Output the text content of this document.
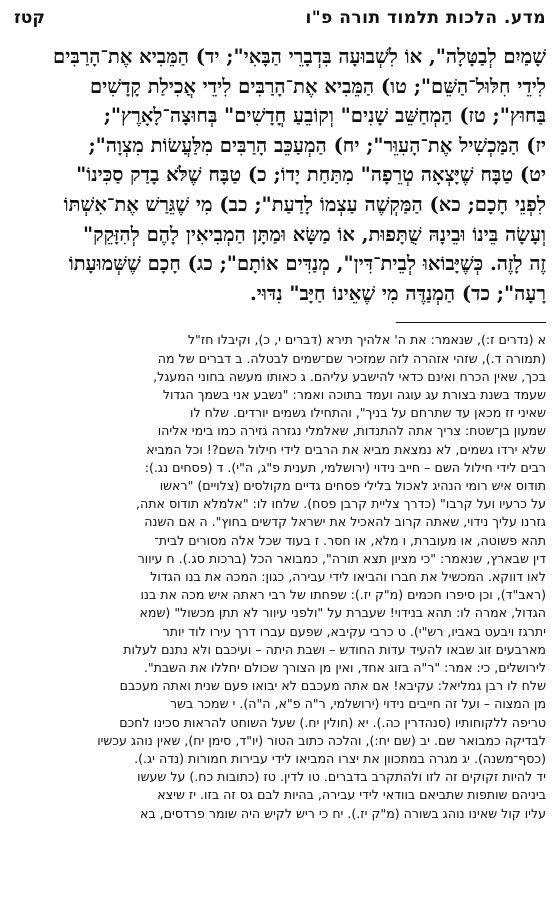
מדע. הלכות תלמוד תורה פ"ו
קטז
שָׁמַיִם לְבַטָּלָה", אוֹ לִשְׁבוּעָה בִּדְבָרֵי הַבָּאִי"; יד) הַמֵּבִיא אֶת־הָרַבִּים
לִידֵי חִלּוּל־הַשֵּׁם"; טו) הַמֵּבִיא אֶת־הָרַבִּים לִידֵי אֲכִילַת קָדָשִׁים
בַּחוּץ"; טז) הַמְחַשֵּׁב שָׁנִים" וְקוֹבֵעַ חֳדָשִׁים" בְּחוּצָה־לָאָרֶץ";
יז) הַמַּכְשִׁיל אֶת־הָעִוֵּר"; יח) הַמְעַכֵּב הָרַבִּים מִלַּעֲשׂוֹת מִצְוָה";
יט) טַבָּח שֶׁיָּצְאָה טְרֵפָה" מִתַּחַת יָדוֹ; כ) טַבָּח שֶׁלֹּא בָדַק סַכִּינוֹ"
לִפְנֵי חָכָם; כא) הַמַּקְשֶׁה עַצְמוֹ לָדַעַת"; כב) מִי שֶׁגֵּרַשׁ אֶת־אִשְׁתּוֹ
וְעָשָׂה בֵּינוֹ וּבֵינָהּ שֻׁתָּפוּת, אוֹ מַשָּׂא וּמַתָּן הַמְבִיאִין לָהֶם לְהִזָּקֵק"
זֶה לָזֶה. כְּשֶׁיָּבוֹאוּ לְבֵית־דִּין", מְנַדִּים אוֹתָם"; כג) חָכָם שֶׁשְּׁמוּעָתוֹ
רָעָה"; כד) הַמְנַדֶּה מִי שֶׁאֵינוֹ חַיָּב" נִדּוּי.
א (נדרים ז:), שנאמר: את ה' אלהיך תירא (דברים י, כ), וקיבלו חז"ל
(תמורה ד.), שזהי אזהרה לזה שמזכיר שם־שמים לבטלה. ב דברים של מה
בכך, שאין הכרח ואינם כדאי להישבע עליהם. ג כאותו מעשה בחוני המעגל,
שעמד בשנת בצורת עג עוגה ועמד בתוכה ואמר: "נשבע אני בשמך הגדול
שאיני זז מכאן עד שתרחם על בניך", והתחילו גשמים יורדים. שלח לו
שמעון בן־שטח: צריך אתה להתנדות, שאלמלי נגזרה גזירה כמו בימי אליהו
שלא ירדו גשמים, לא נמצאת מביא את הרבים לידי חילול השם?! וכל המביא
רבים לידי חילול השם – חייב נידוי (ירושלמי, תענית פ"ג, ה"י). ד (פסחים נג.):
תודוס איש רומי הנהיג לאכול בלילי פסחים גדיים מקולסים (צלויים) "ראשו
על כרעיו ועל קרבו" (כדרך צליית קרבן פסח). שלחו לו: "אלמלא תודוס אתה,
גזרנו עליך נידוי, שאתה קרוב להאכיל את ישראל קדשים בחוץ". ה אם השנה
תהא פשוטה, או מעוברת, ו מלא, או חסר. ז בעוד שכל אלה מסורים לבית־
דין שבארץ, שנאמר: "כי מציון תצא תורה", כמבואר הכל (ברכות סג.). ח עיוור
לאו דווקא. המכשיל את חברו והביאו לידי עבירה, כגון: המכה את בנו הגדול
(ראב"ד), וכן סיפרו חכמים (מ"ק יז.): שפחתו של רבי ראתה איש מכה את בנו
הגדול, אמרה לו: תהא בנידוי! שעברת על "ולפני עיוור לא תתן מכשול" (שמא
יתרגז ויבעט באביו, רש"י). ט כרבי עקיבא, שפעם עברו דרך עירו לוד יותר
מארבעים זוג שבאו להעיד עדות החודש – ושבת היתה – ועיכבם ולא נתנם לעלות
לירושלים, כי: אמר: "ר"ה בזוג אחד, ואין מן הצורך שכולם יחללו את השבת".
שלח לו רבן גמליאל: עקיבא! אם אתה מעכבם לא יבואו פעם שנית ואתה מעכבם
מן המצוה – ועל זה חייבים נידוי (ירושלמי, ר"ה פ"א, ה"ה). י שמכר בשר
טריפה ללקוחותיו (סנהדרין כה.). יא (חולין יח.) שעל השוחט להראות סכינו לחכם
לבדיקה כמבואר שם. יב (שם יח:), והלכה כתוב הטור (יו"ד, סימן יח), שאין נוהג עכשיו
(כסף־משנה). יג מגרה במתכוון את יצרו המביאו לידי עבירות חמורות (נדה יג.).
יד להיות זקוקים זה לזו ולהתקרב בדברים. טו לדין. טז (כתובות כח.) על שעשו
ביניהם שותפות שתביאם בוודאי לידי עבירה, בהיות לבם גס זה בזו. יז שיצא
עליו קול שאינו נוהג בשורה (מ"ק יז.). יח כי ריש לקיש היה שומר פרדסים, בא
